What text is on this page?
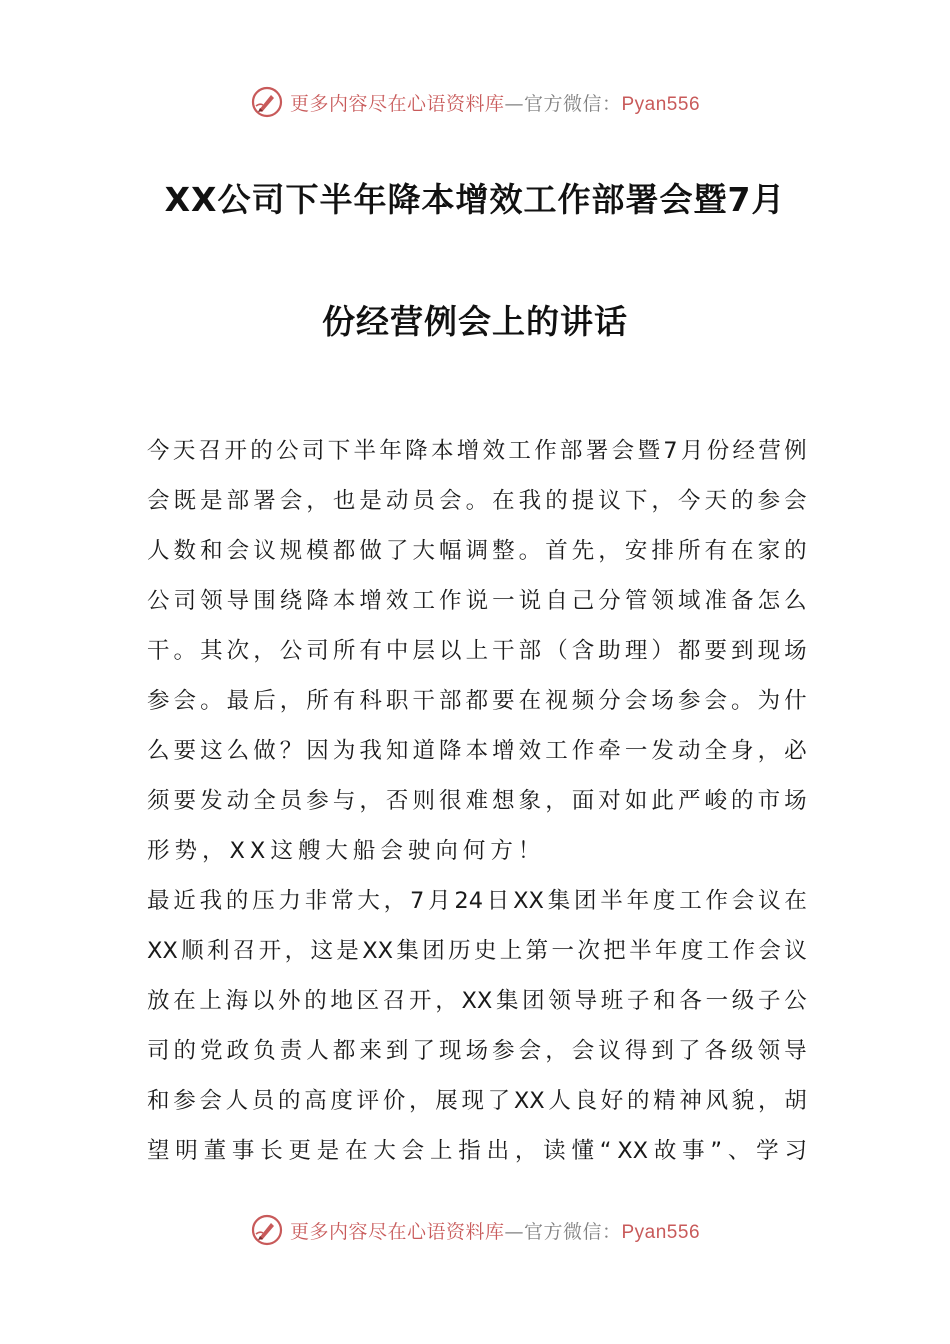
更多内容尽在心语资料库—官方微信：Pyan556
XX公司下半年降本增效工作部署会暨7月
份经营例会上的讲话
今 天 召 开 的 公 司 下 半 年 降 本 增 效 工 作 部 署 会 暨 7 月 份 经 营 例
会 既 是 部 署 会 ， 也 是 动 员 会 。 在 我 的 提 议 下 ， 今 天 的 参 会
人 数 和 会 议 规 模 都 做 了 大 幅 调 整 。 首 先 ， 安 排 所 有 在 家 的
公 司 领 导 围 绕 降 本 增 效 工 作 说 一 说 自 己 分 管 领 域 准 备 怎 么
干 。 其 次 ， 公 司 所 有 中 层 以 上 干 部 （ 含 助 理 ） 都 要 到 现 场
参 会 。 最 后 ， 所 有 科 职 干 部 都 要 在 视 频 分 会 场 参 会 。 为 什
么 要 这 么 做 ？ 因 为 我 知 道 降 本 增 效 工 作 牵 一 发 动 全 身 ， 必
须 要 发 动 全 员 参 与 ， 否 则 很 难 想 象 ， 面 对 如 此 严 峻 的 市 场
形势，XX这艘大船会驶向何方！
最 近 我 的 压 力 非 常 大 ， 7 月 24 日 XX 集 团 半 年 度 工 作 会 议 在
XX 顺 利 召 开 ， 这 是 XX 集 团 历 史 上 第 一 次 把 半 年 度 工 作 会 议
放 在 上 海 以 外 的 地 区 召 开 ， XX 集 团 领 导 班 子 和 各 一 级 子 公
司 的 党 政 负 责 人 都 来 到 了 现 场 参 会 ， 会 议 得 到 了 各 级 领 导
和 参 会 人 员 的 高 度 评 价 ， 展 现 了 XX 人 良 好 的 精 神 风 貌 ， 胡
望 明 董 事 长 更 是 在 大 会 上 指 出 ， 读 懂 “ XX 故 事 ” 、 学 习
更多内容尽在心语资料库—官方微信：Pyan556
